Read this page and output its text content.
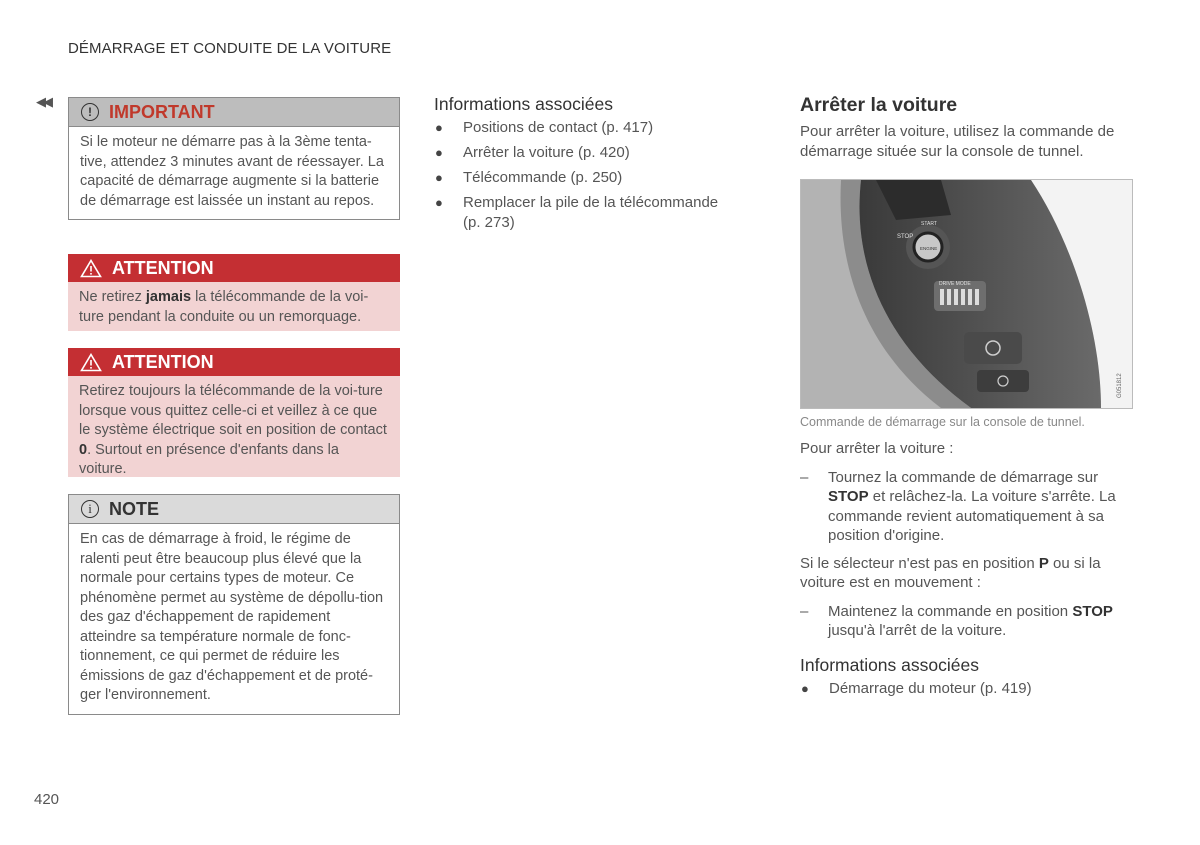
DÉMARRAGE ET CONDUITE DE LA VOITURE
◀◀
! IMPORTANT
Si le moteur ne démarre pas à la 3ème tenta-tive, attendez 3 minutes avant de réessayer. La capacité de démarrage augmente si la batterie de démarrage est laissée un instant au repos.
ATTENTION
Ne retirez jamais la télécommande de la voi-ture pendant la conduite ou un remorquage.
ATTENTION
Retirez toujours la télécommande de la voi-ture lorsque vous quittez celle-ci et veillez à ce que le système électrique soit en position de contact 0. Surtout en présence d'enfants dans la voiture.
i NOTE
En cas de démarrage à froid, le régime de ralenti peut être beaucoup plus élevé que la normale pour certains types de moteur. Ce phénomène permet au système de dépollu-tion des gaz d'échappement de rapidement atteindre sa température normale de fonc-tionnement, ce qui permet de réduire les émissions de gaz d'échappement et de proté-ger l'environnement.
Informations associées
●	Positions de contact (p. 417)
●	Arrêter la voiture (p. 420)
●	Télécommande (p. 250)
●	Remplacer la pile de la télécommande (p. 273)
Arrêter la voiture
Pour arrêter la voiture, utilisez la commande de démarrage située sur la console de tunnel.
STOP
START
ENGINE
DRIVE MODE
G051812
Commande de démarrage sur la console de tunnel.
Pour arrêter la voiture :
–	Tournez la commande de démarrage sur STOP et relâchez-la. La voiture s'arrête. La commande revient automatiquement à sa position d'origine.
Si le sélecteur n'est pas en position P ou si la voiture est en mouvement :
–	Maintenez la commande en position STOP jusqu'à l'arrêt de la voiture.
Informations associées
●	Démarrage du moteur (p. 419)
420
